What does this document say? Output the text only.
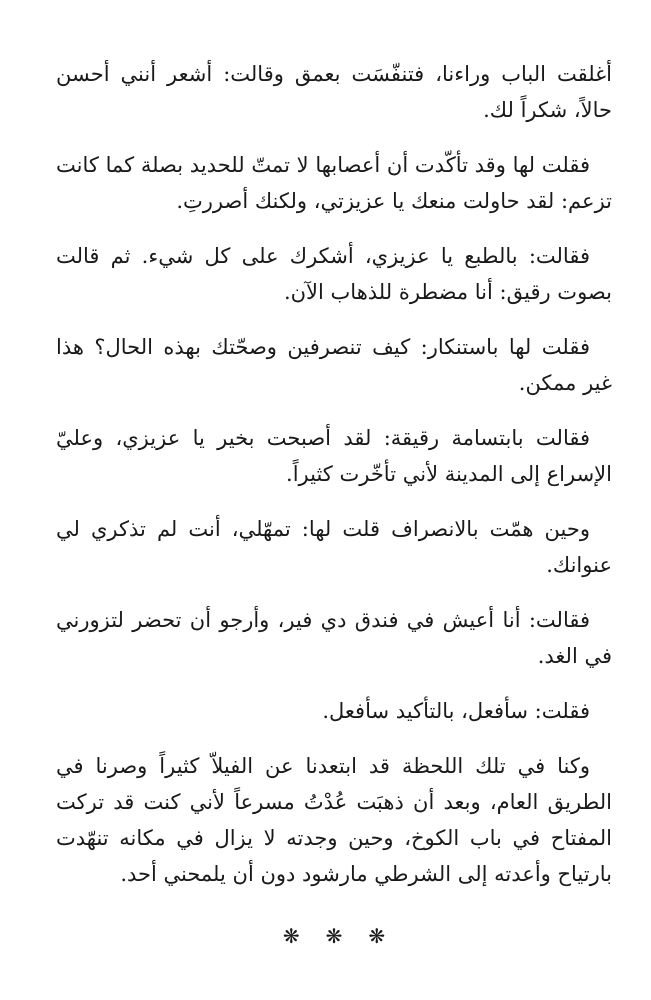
أغلقت الباب وراءنا، فتنفّسَت بعمق وقالت: أشعر أنني أحسن حالاً، شكراً لك.

فقلت لها وقد تأكّدت أن أعصابها لا تمتّ للحديد بصلة كما كانت تزعم: لقد حاولت منعك يا عزيزتي، ولكنك أصررتِ.

فقالت: بالطبع يا عزيزي، أشكرك على كل شيء. ثم قالت بصوت رقيق: أنا مضطرة للذهاب الآن.

فقلت لها باستنكار: كيف تنصرفين وصحّتك بهذه الحال؟ هذا غير ممكن.

فقالت بابتسامة رقيقة: لقد أصبحت بخير يا عزيزي، وعليّ الإسراع إلى المدينة لأني تأخّرت كثيراً.

وحين همّت بالانصراف قلت لها: تمهّلي، أنت لم تذكري لي عنوانك.

فقالت: أنا أعيش في فندق دي فير، وأرجو أن تحضر لتزورني في الغد.

فقلت: سأفعل، بالتأكيد سأفعل.

وكنا في تلك اللحظة قد ابتعدنا عن الفيلاّ كثيراً وصرنا في الطريق العام، وبعد أن ذهبَت عُدْتُ مسرعاً لأني كنت قد تركت المفتاح في باب الكوخ، وحين وجدته لا يزال في مكانه تنهّدت بارتياح وأعدته إلى الشرطي مارشود دون أن يلمحني أحد.

❋ ❋ ❋
